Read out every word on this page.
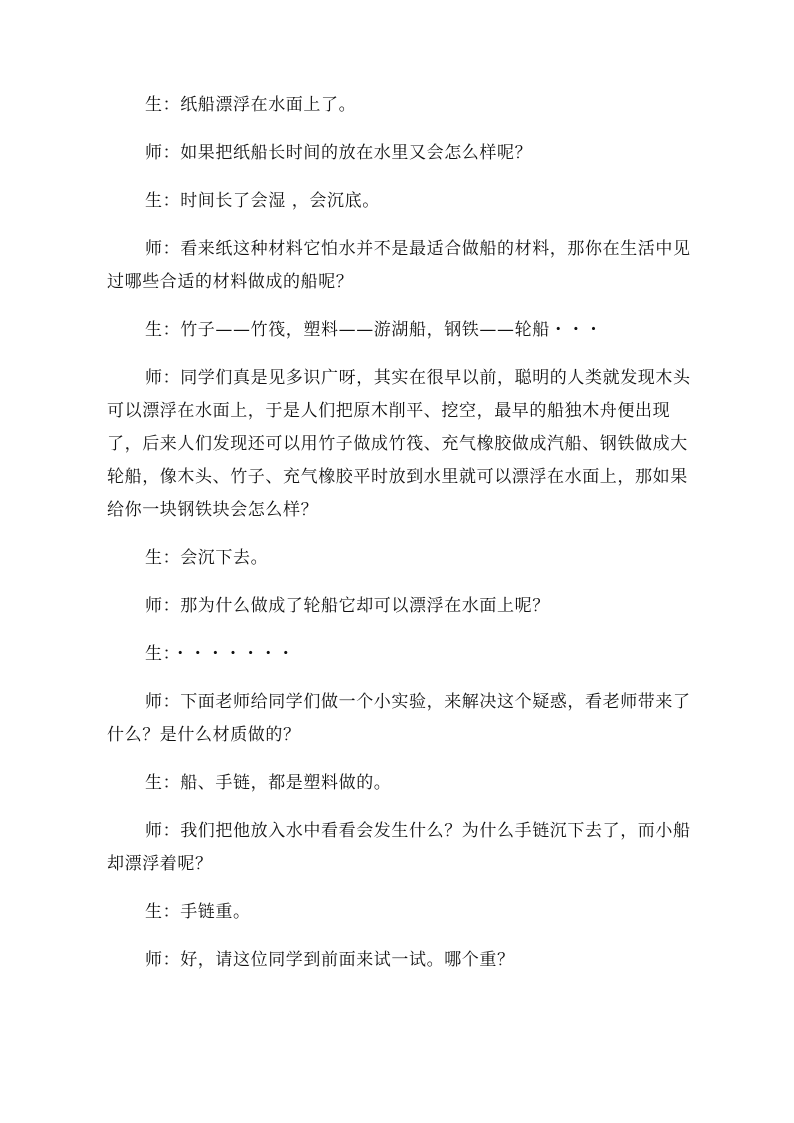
生：纸船漂浮在水面上了。

师：如果把纸船长时间的放在水里又会怎么样呢？

生：时间长了会湿 ，会沉底。

师：看来纸这种材料它怕水并不是最适合做船的材料，那你在生活中见过哪些合适的材料做成的船呢？

生：竹子——竹筏，塑料——游湖船，钢铁——轮船・・・

师：同学们真是见多识广呀，其实在很早以前，聪明的人类就发现木头可以漂浮在水面上，于是人们把原木削平、挖空，最早的船独木舟便出现了，后来人们发现还可以用竹子做成竹筏、充气橡胶做成汽船、钢铁做成大轮船，像木头、竹子、充气橡胶平时放到水里就可以漂浮在水面上，那如果给你一块钢铁块会怎么样？

生：会沉下去。

师：那为什么做成了轮船它却可以漂浮在水面上呢？

生：・・・・・・・

师：下面老师给同学们做一个小实验，来解决这个疑惑，看老师带来了什么？是什么材质做的？

生：船、手链，都是塑料做的。

师：我们把他放入水中看看会发生什么？为什么手链沉下去了，而小船却漂浮着呢？

生：手链重。

师：好，请这位同学到前面来试一试。哪个重？
